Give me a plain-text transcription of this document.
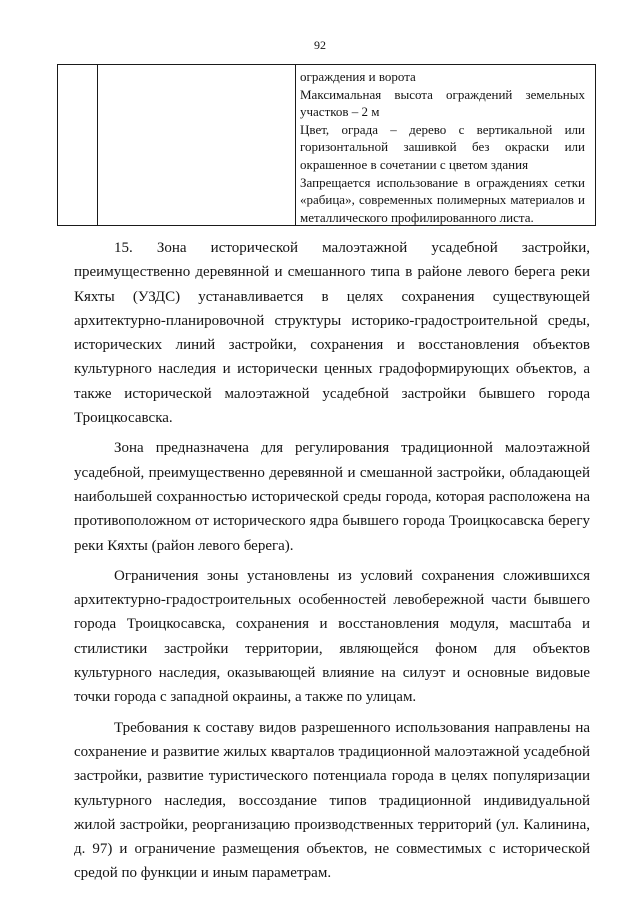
92
ограждения и ворота
Максимальная высота ограждений земельных
участков – 2 м
Цвет, ограда – дерево с вертикальной или
горизонтальной зашивкой без окраски или
окрашенное в сочетании с цветом здания
Запрещается использование в ограждениях сетки
«рабица», современных полимерных материалов и
металлического профилированного листа.

15. Зона исторической малоэтажной усадебной застройки, преимущественно деревянной и смешанного типа в районе левого берега реки Кяхты (УЗДС) устанавливается в целях сохранения существующей архитектурно-планировочной структуры историко-градостроительной среды, исторических линий застройки, сохранения и восстановления объектов культурного наследия и исторически ценных градоформирующих объектов, а также исторической малоэтажной усадебной застройки бывшего города Троицкосавска.

Зона предназначена для регулирования традиционной малоэтажной усадебной, преимущественно деревянной и смешанной застройки, обладающей наибольшей сохранностью исторической среды города, которая расположена на противоположном от исторического ядра бывшего города Троицкосавска берегу реки Кяхты (район левого берега).

Ограничения зоны установлены из условий сохранения сложившихся архитектурно-градостроительных особенностей левобережной части бывшего города Троицкосавска, сохранения и восстановления модуля, масштаба и стилистики застройки территории, являющейся фоном для объектов культурного наследия, оказывающей влияние на силуэт и основные видовые точки города с западной окраины, а также по улицам.

Требования к составу видов разрешенного использования направлены на сохранение и развитие жилых кварталов традиционной малоэтажной усадебной застройки, развитие туристического потенциала города в целях популяризации культурного наследия, воссоздание типов традиционной индивидуальной жилой застройки, реорганизацию производственных территорий (ул. Калинина, д. 97) и ограничение размещения объектов, не совместимых с исторической средой по функции и иным параметрам.
